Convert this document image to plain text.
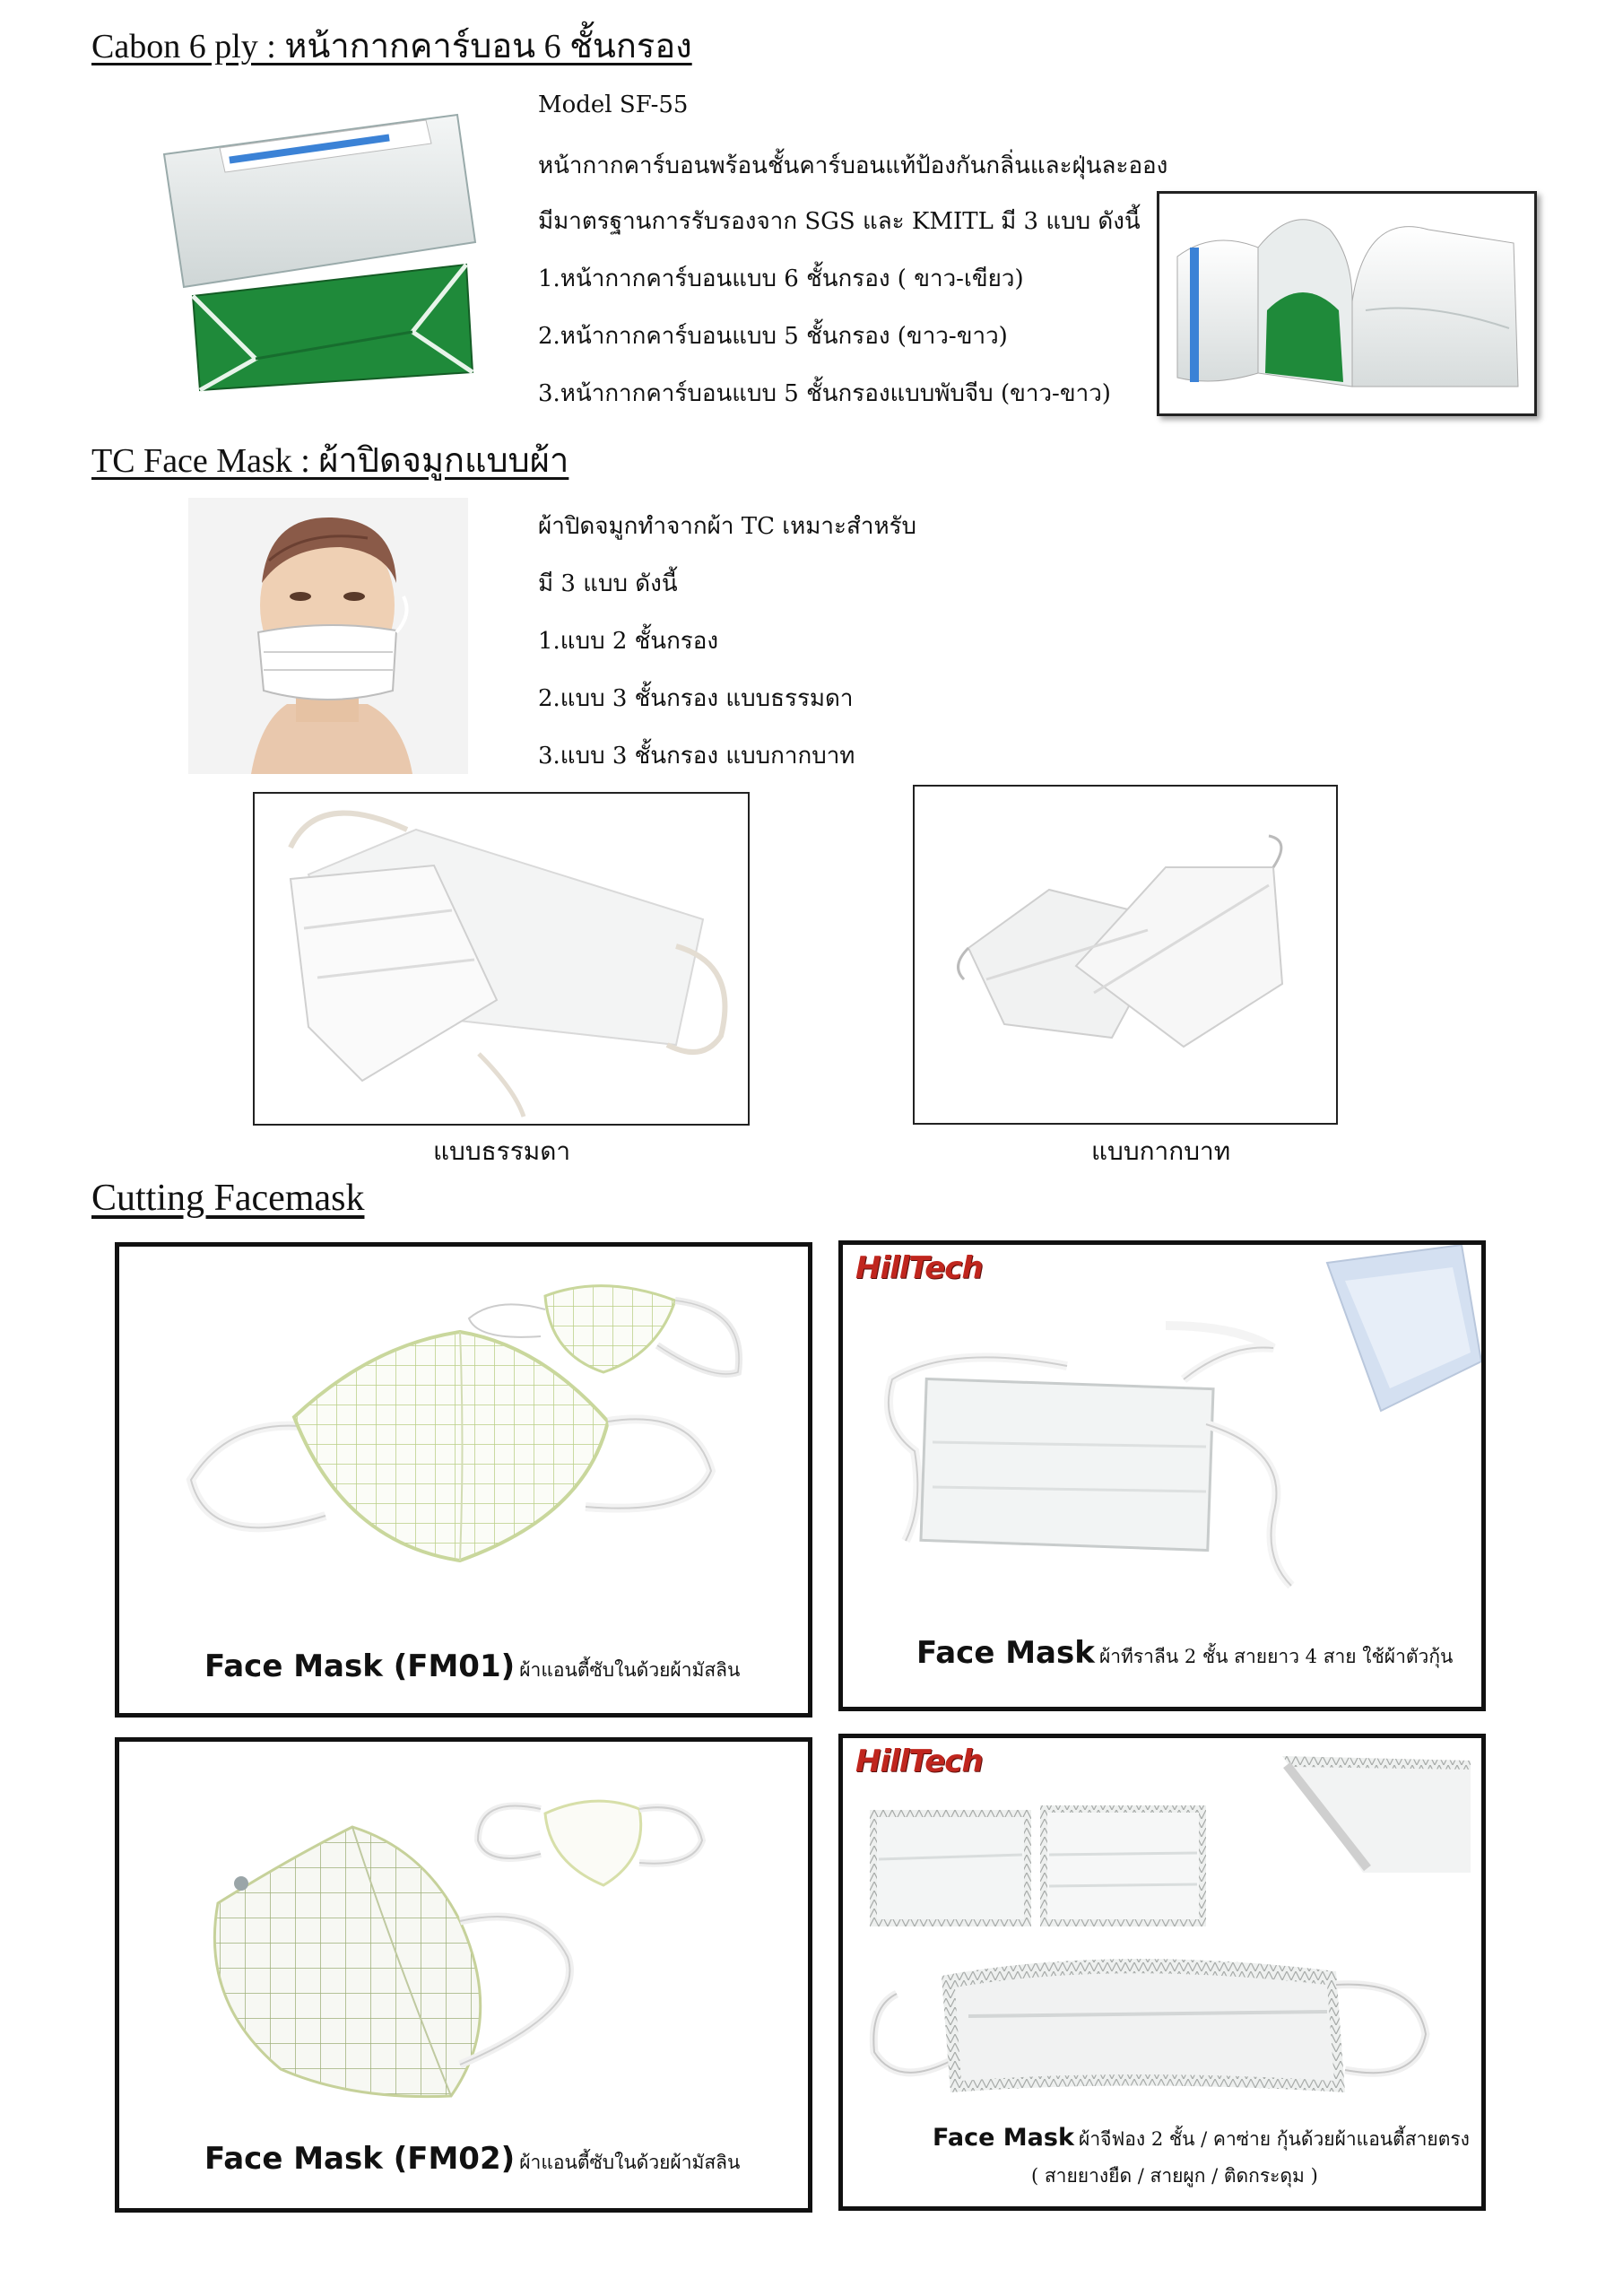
Cabon 6 ply : หน้ากากคาร์บอน 6 ชั้นกรอง
Model SF-55
หน้ากากคาร์บอนพร้อนชั้นคาร์บอนแท้ป้องกันกลิ่นและฝุ่นละออง
มีมาตรฐานการรับรองจาก SGS และ KMITL มี 3 แบบ ดังนี้
1.หน้ากากคาร์บอนแบบ 6 ชั้นกรอง ( ขาว-เขียว)
2.หน้ากากคาร์บอนแบบ 5 ชั้นกรอง (ขาว-ขาว)
3.หน้ากากคาร์บอนแบบ 5 ชั้นกรองแบบพับจีบ (ขาว-ขาว)
TC Face Mask : ผ้าปิดจมูกแบบผ้า
ผ้าปิดจมูกทำจากผ้า TC เหมาะสำหรับ
มี 3 แบบ ดังนี้
1.แบบ 2 ชั้นกรอง
2.แบบ 3 ชั้นกรอง แบบธรรมดา
3.แบบ 3 ชั้นกรอง แบบกากบาท
แบบธรรมดา	แบบกากบาท
Cutting Facemask
Face Mask (FM01) ผ้าแอนตี้ซับในด้วยผ้ามัสลิน
HillTech
Face Mask ผ้าทีราลีน 2 ชั้น สายยาว 4 สาย ใช้ผ้าตัวกุ้น
Face Mask (FM02) ผ้าแอนตี้ซับในด้วยผ้ามัสลิน
HillTech
Face Mask ผ้าจีฟอง 2 ชั้น / คาซ่าย กุ้นด้วยผ้าแอนตี้สายตรง
( สายยางยืด / สายผูก / ติดกระดุม )
